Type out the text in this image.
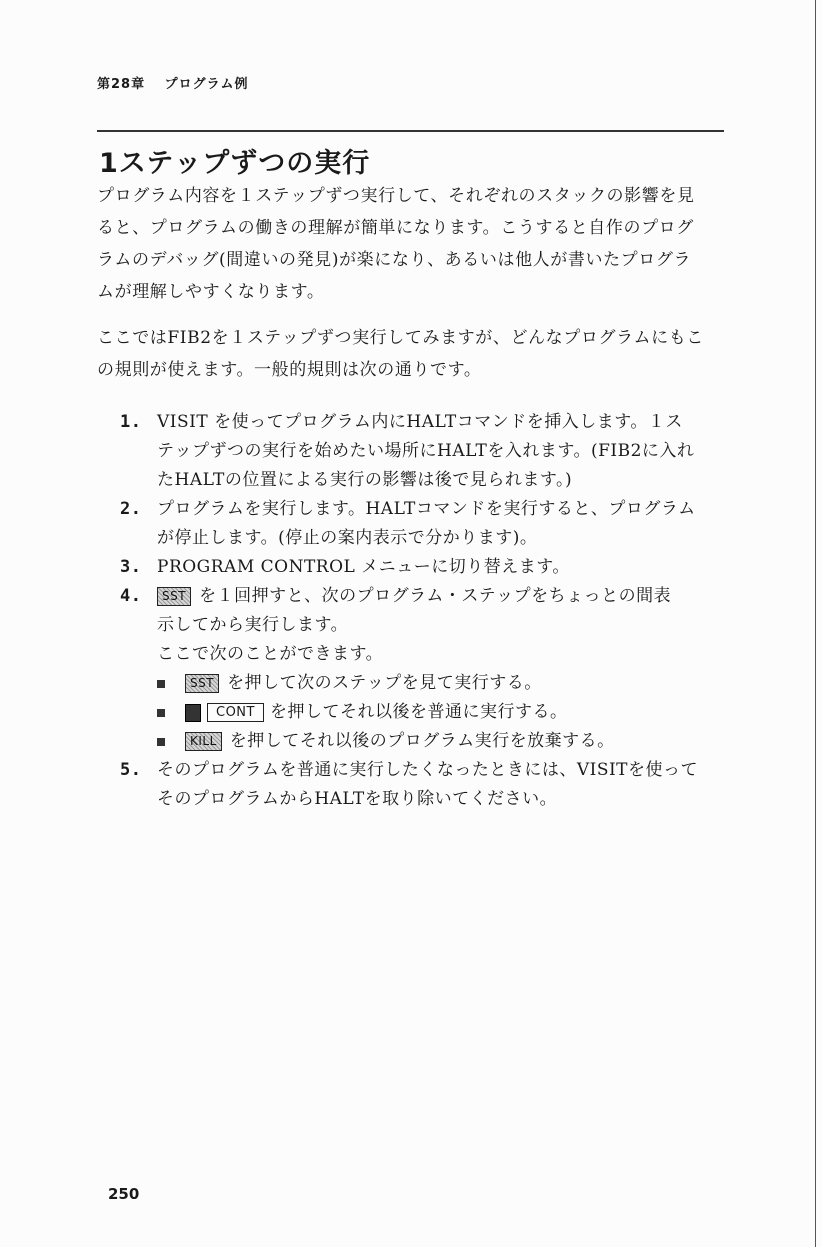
第28章 プログラム例
1ステップずつの実行

プログラム内容を１ステップずつ実行して、それぞれのスタックの影響を見

ると、プログラムの働きの理解が簡単になります。こうすると自作のプログ

ラムのデバッグ(間違いの発見)が楽になり、あるいは他人が書いたプログラ

ムが理解しやすくなります。

ここではFIB2を１ステップずつ実行してみますが、どんなプログラムにもこ

の規則が使えます。一般的規則は次の通りです。

1. VISIT を使ってプログラム内にHALTコマンドを挿入します。１ス
テップずつの実行を始めたい場所にHALTを入れます。(FIB2に入れ
たHALTの位置による実行の影響は後で見られます。)
2. プログラムを実行します。HALTコマンドを実行すると、プログラム
が停止します。(停止の案内表示で分かります)。
3. PROGRAM CONTROL メニューに切り替えます。
4.	SST を１回押すと、次のプログラム・ステップをちょっとの間表
示してから実行します。
ここで次のことができます。
SST を押して次のステップを見て実行する。
CONT を押してそれ以後を普通に実行する。
KILL を押してそれ以後のプログラム実行を放棄する。
5. そのプログラムを普通に実行したくなったときには、VISITを使って
そのプログラムからHALTを取り除いてください。
250
